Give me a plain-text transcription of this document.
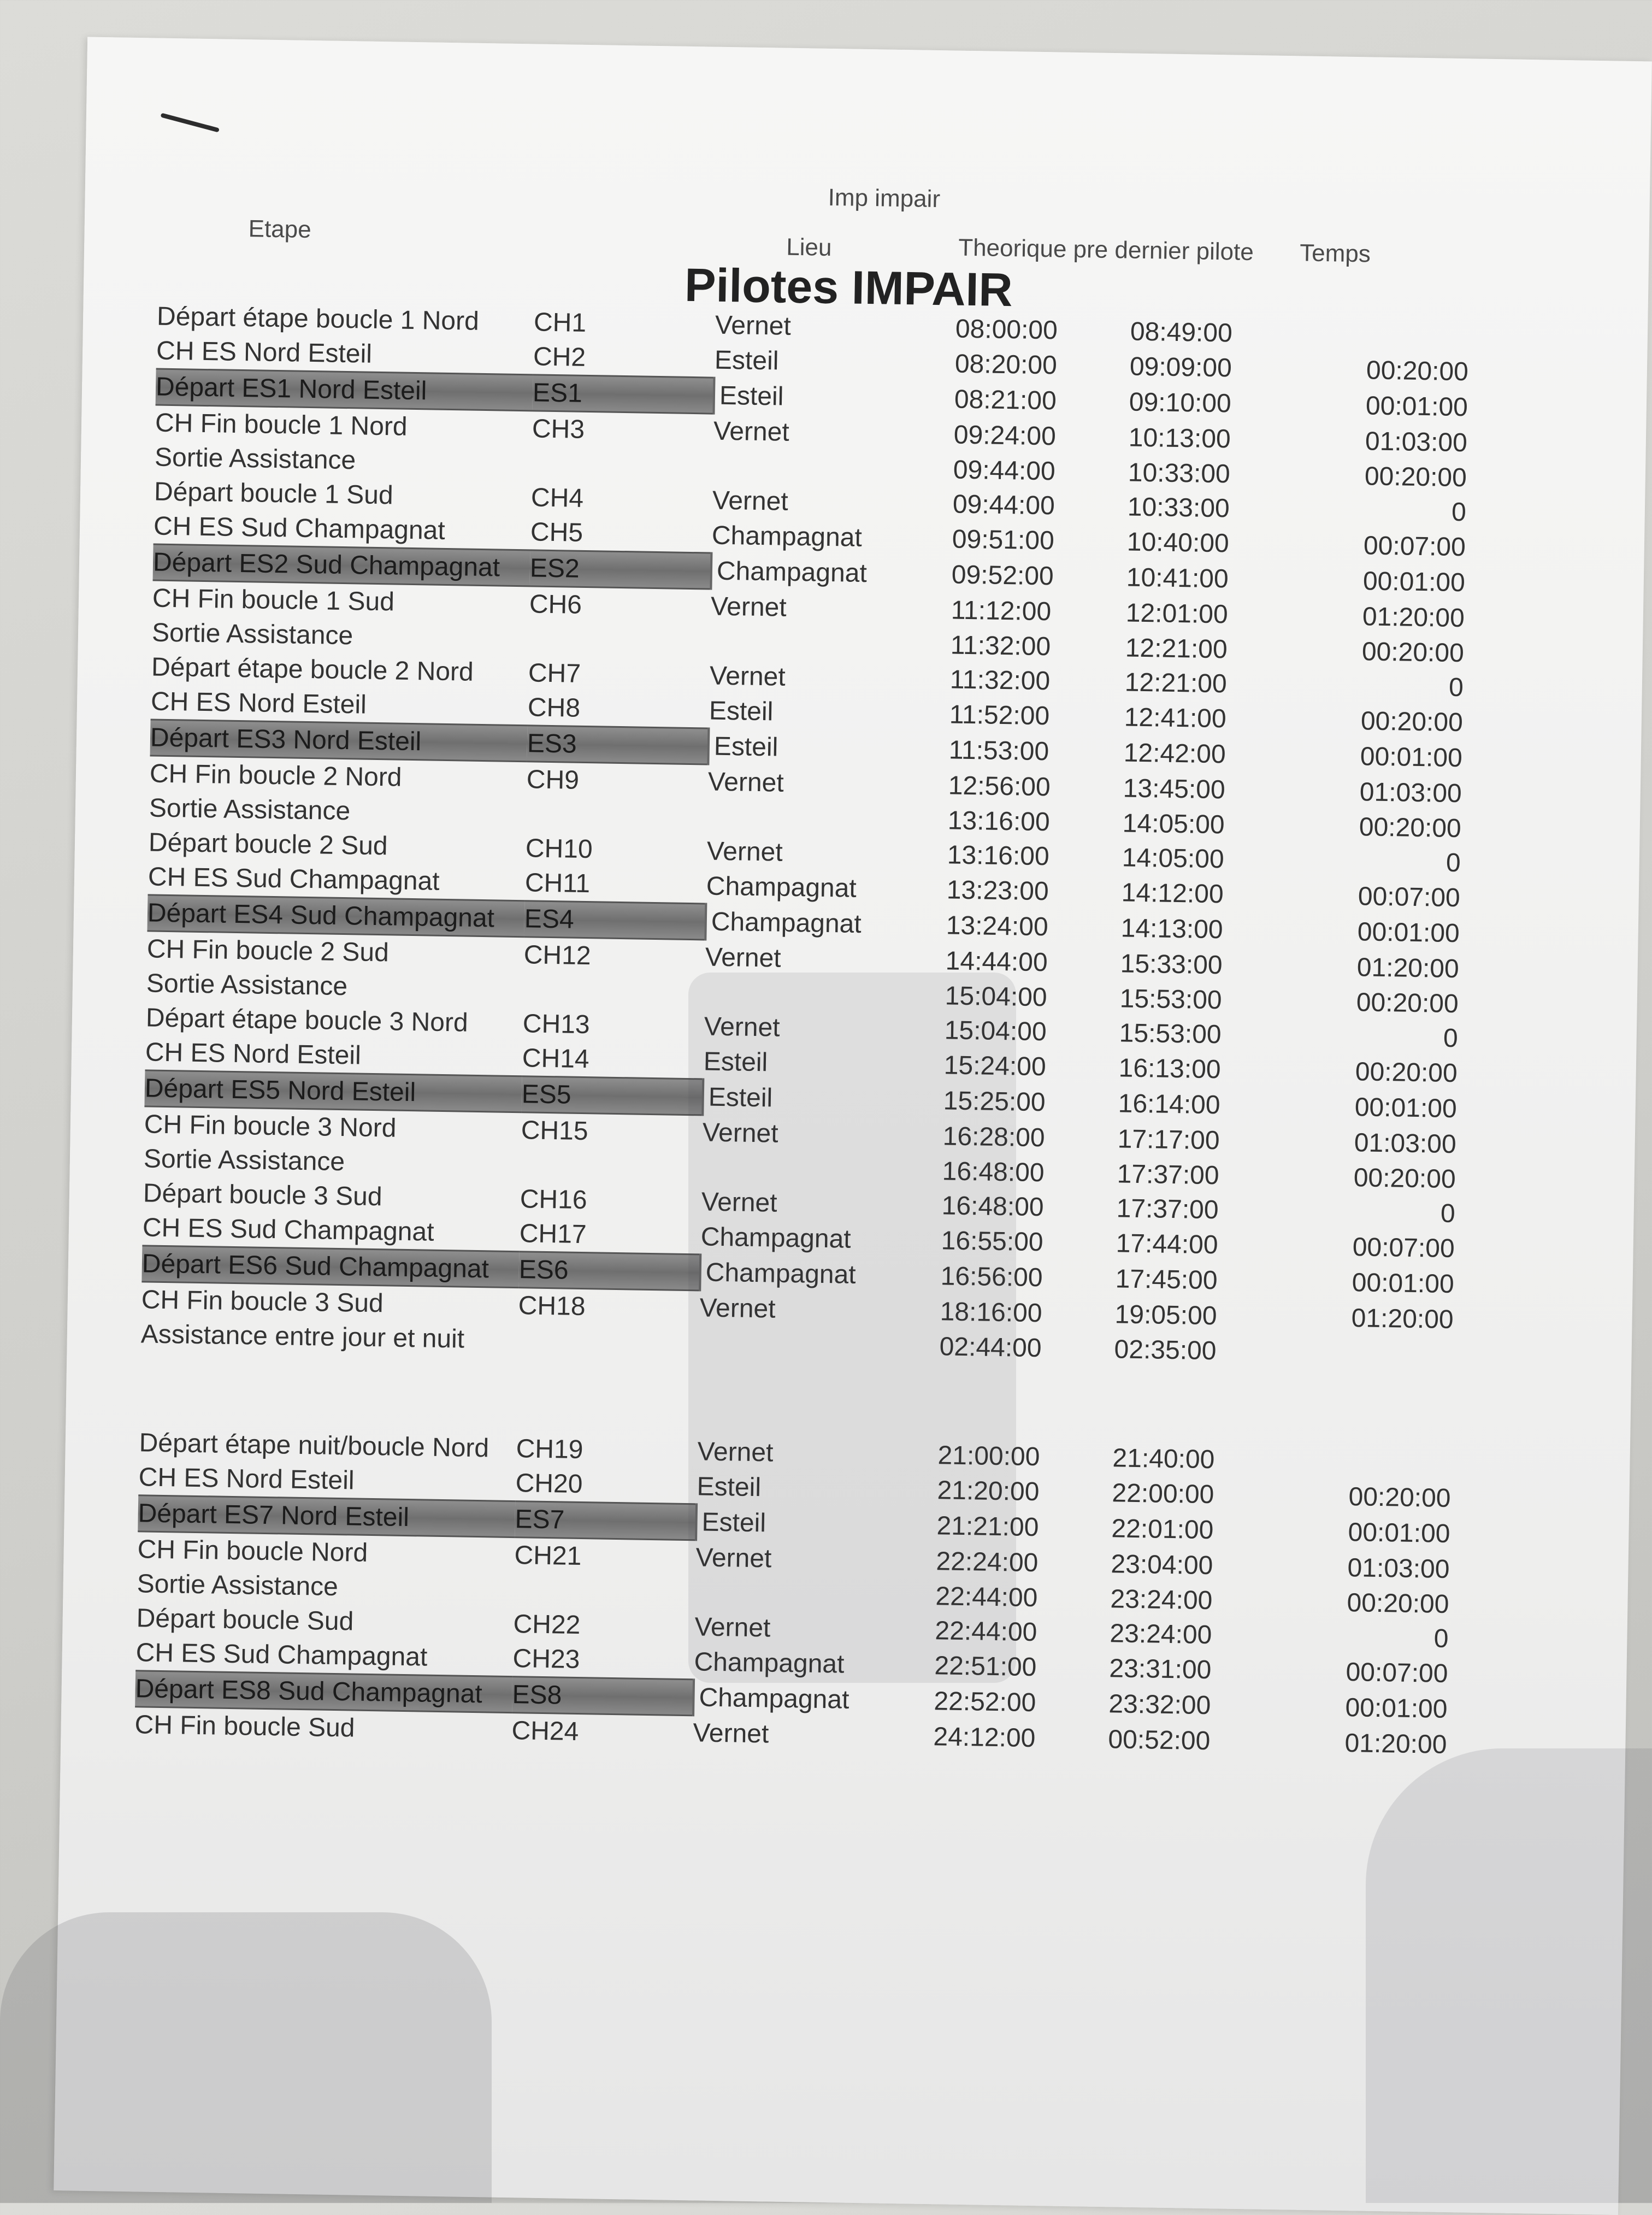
Imp impair
Etape
Lieu	Theorique pre dernier pilote Temps
Pilotes IMPAIR
Départ étape boucle 1 Nord	CH1	Vernet	08:00:00	08:49:00	
CH ES Nord Esteil	CH2	Esteil	08:20:00	09:09:00	00:20:00
Départ ES1 Nord Esteil	ES1	Esteil	08:21:00	09:10:00	00:01:00
CH Fin boucle 1 Nord	CH3	Vernet	09:24:00	10:13:00	01:03:00
Sortie Assistance			09:44:00	10:33:00	00:20:00
Départ boucle 1 Sud	CH4	Vernet	09:44:00	10:33:00	0
CH ES Sud Champagnat	CH5	Champagnat	09:51:00	10:40:00	00:07:00
Départ ES2 Sud Champagnat	ES2	Champagnat	09:52:00	10:41:00	00:01:00
CH Fin boucle 1 Sud	CH6	Vernet	11:12:00	12:01:00	01:20:00
Sortie Assistance			11:32:00	12:21:00	00:20:00
Départ étape boucle 2 Nord	CH7	Vernet	11:32:00	12:21:00	0
CH ES Nord Esteil	CH8	Esteil	11:52:00	12:41:00	00:20:00
Départ ES3 Nord Esteil	ES3	Esteil	11:53:00	12:42:00	00:01:00
CH Fin boucle 2 Nord	CH9	Vernet	12:56:00	13:45:00	01:03:00
Sortie Assistance			13:16:00	14:05:00	00:20:00
Départ boucle 2 Sud	CH10	Vernet	13:16:00	14:05:00	0
CH ES Sud Champagnat	CH11	Champagnat	13:23:00	14:12:00	00:07:00
Départ ES4 Sud Champagnat	ES4	Champagnat	13:24:00	14:13:00	00:01:00
CH Fin boucle 2 Sud	CH12	Vernet	14:44:00	15:33:00	01:20:00
Sortie Assistance			15:04:00	15:53:00	00:20:00
Départ étape boucle 3 Nord	CH13	Vernet	15:04:00	15:53:00	0
CH ES Nord Esteil	CH14	Esteil	15:24:00	16:13:00	00:20:00
Départ ES5 Nord Esteil	ES5	Esteil	15:25:00	16:14:00	00:01:00
CH Fin boucle 3 Nord	CH15	Vernet	16:28:00	17:17:00	01:03:00
Sortie Assistance			16:48:00	17:37:00	00:20:00
Départ boucle 3 Sud	CH16	Vernet	16:48:00	17:37:00	0
CH ES Sud Champagnat	CH17	Champagnat	16:55:00	17:44:00	00:07:00
Départ ES6 Sud Champagnat	ES6	Champagnat	16:56:00	17:45:00	00:01:00
CH Fin boucle 3 Sud	CH18	Vernet	18:16:00	19:05:00	01:20:00
Assistance entre jour et nuit			02:44:00	02:35:00	
Départ étape nuit/boucle Nord	CH19	Vernet	21:00:00	21:40:00	
CH ES Nord Esteil	CH20	Esteil	21:20:00	22:00:00	00:20:00
Départ ES7 Nord Esteil	ES7	Esteil	21:21:00	22:01:00	00:01:00
CH Fin boucle Nord	CH21	Vernet	22:24:00	23:04:00	01:03:00
Sortie Assistance			22:44:00	23:24:00	00:20:00
Départ boucle Sud	CH22	Vernet	22:44:00	23:24:00	0
CH ES Sud Champagnat	CH23	Champagnat	22:51:00	23:31:00	00:07:00
Départ ES8 Sud Champagnat	ES8	Champagnat	22:52:00	23:32:00	00:01:00
CH Fin boucle Sud	CH24	Vernet	24:12:00	00:52:00	01:20:00
